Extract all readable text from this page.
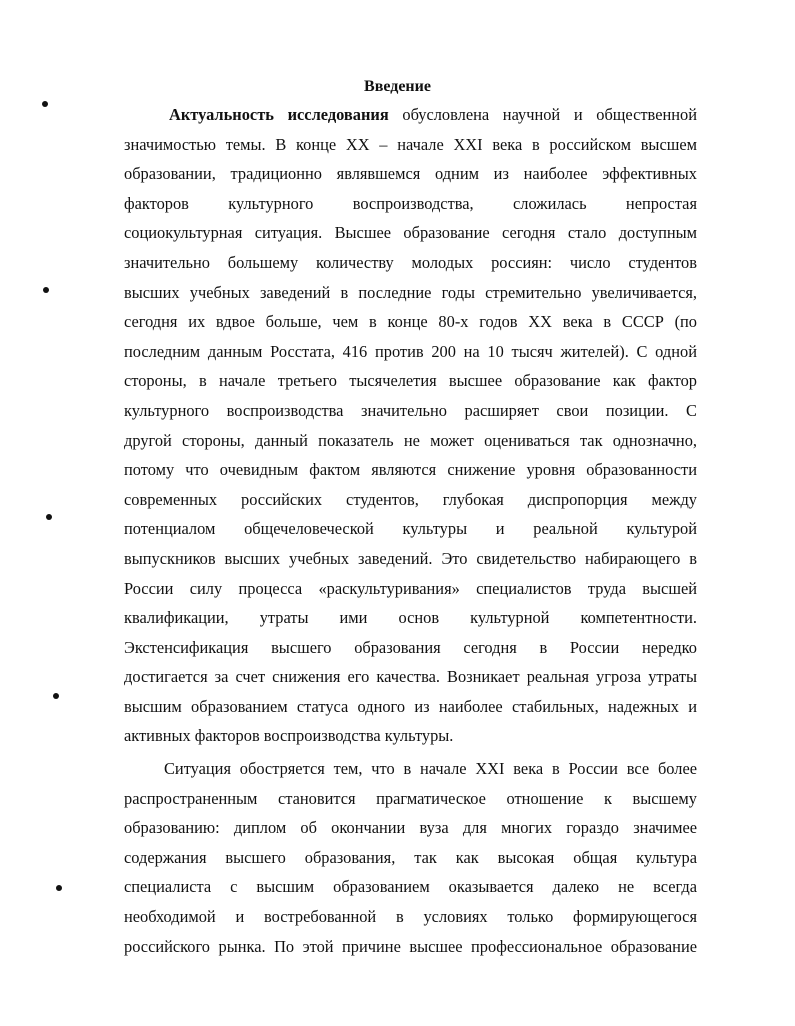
Введение
Актуальность исследования обусловлена научной и общественной
значимостью темы. В конце XX – начале XXI века в российском высшем
образовании, традиционно являвшемся одним из наиболее эффективных
факторов культурного воспроизводства, сложилась непростая
социокультурная ситуация. Высшее образование сегодня стало доступным
значительно большему количеству молодых россиян: число студентов
высших учебных заведений в последние годы стремительно увеличивается,
сегодня их вдвое больше, чем в конце 80-х годов XX века в СССР (по
последним данным Росстата, 416 против 200 на 10 тысяч жителей). С одной
стороны, в начале третьего тысячелетия высшее образование как фактор
культурного воспроизводства значительно расширяет свои позиции. С
другой стороны, данный показатель не может оцениваться так однозначно,
потому что очевидным фактом являются снижение уровня образованности
современных российских студентов, глубокая диспропорция между
потенциалом общечеловеческой культуры и реальной культурой
выпускников высших учебных заведений. Это свидетельство набирающего в
России силу процесса «раскультуривания» специалистов труда высшей
квалификации, утраты ими основ культурной компетентности.
Экстенсификация высшего образования сегодня в России нередко
достигается за счет снижения его качества. Возникает реальная угроза утраты
высшим образованием статуса одного из наиболее стабильных, надежных и
активных факторов воспроизводства культуры.
Ситуация обостряется тем, что в начале XXI века в России все более
распространенным становится прагматическое отношение к высшему
образованию: диплом об окончании вуза для многих гораздо значимее
содержания высшего образования, так как высокая общая культура
специалиста с высшим образованием оказывается далеко не всегда
необходимой и востребованной в условиях только формирующегося
российского рынка. По этой причине высшее профессиональное образование
